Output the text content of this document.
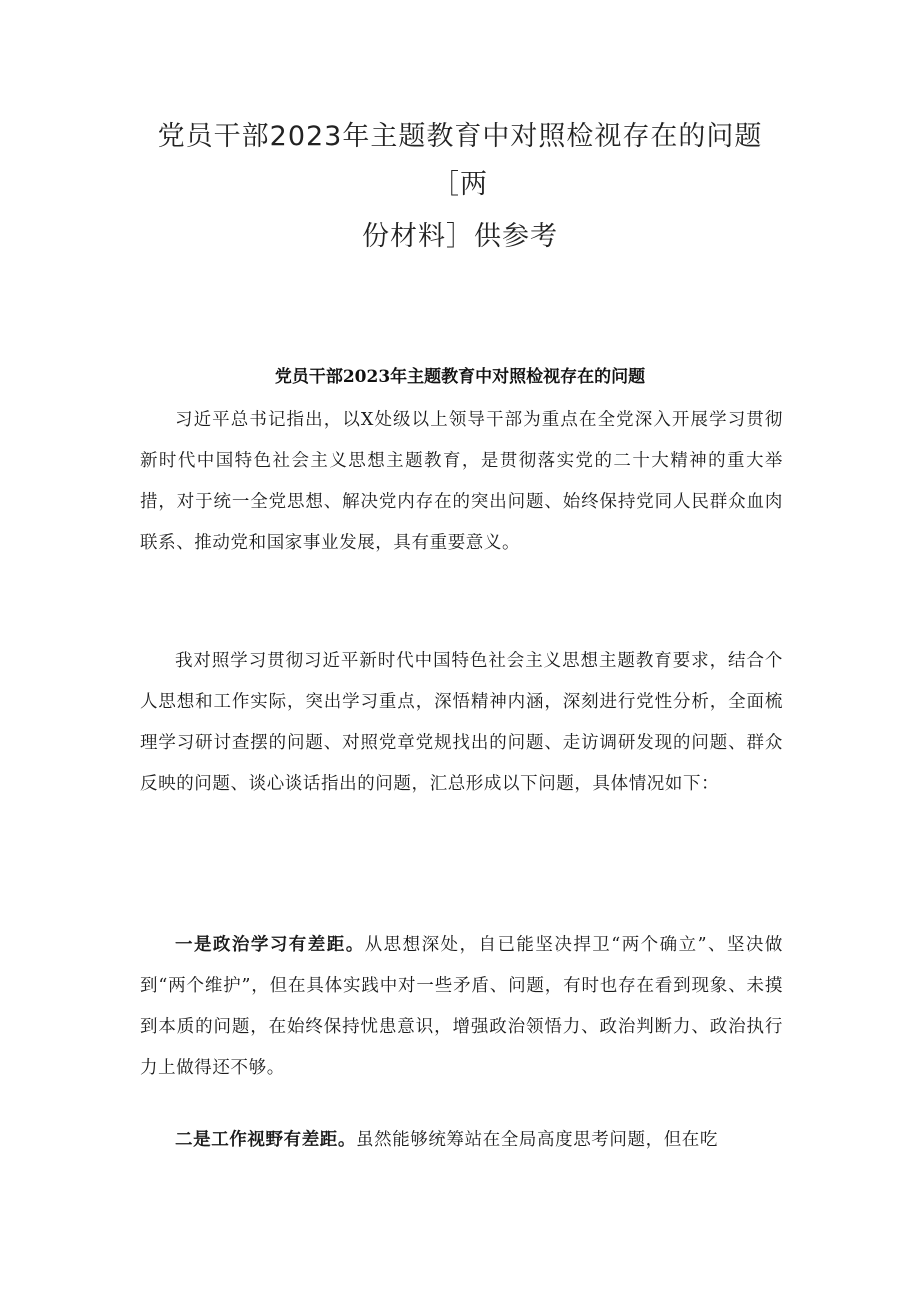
党员干部2023年主题教育中对照检视存在的问题
［两
份材料］供参考
党员干部2023年主题教育中对照检视存在的问题

习近平总书记指出，以X处级以上领导干部为重点在全党深入开展学习贯彻新时代中国特色社会主义思想主题教育，是贯彻落实党的二十大精神的重大举措，对于统一全党思想、解决党内存在的突出问题、始终保持党同人民群众血肉联系、推动党和国家事业发展，具有重要意义。

我对照学习贯彻习近平新时代中国特色社会主义思想主题教育要求，结合个人思想和工作实际，突出学习重点，深悟精神内涵，深刻进行党性分析，全面梳理学习研讨查摆的问题、对照党章党规找出的问题、走访调研发现的问题、群众反映的问题、谈心谈话指出的问题，汇总形成以下问题，具体情况如下：

一是政治学习有差距。从思想深处，自已能坚决捍卫“两个确立”、坚决做到“两个维护”，但在具体实践中对一些矛盾、问题，有时也存在看到现象、未摸到本质的问题，在始终保持忧患意识，增强政治领悟力、政治判断力、政治执行力上做得还不够。

二是工作视野有差距。虽然能够统筹站在全局高度思考问题，但在吃
